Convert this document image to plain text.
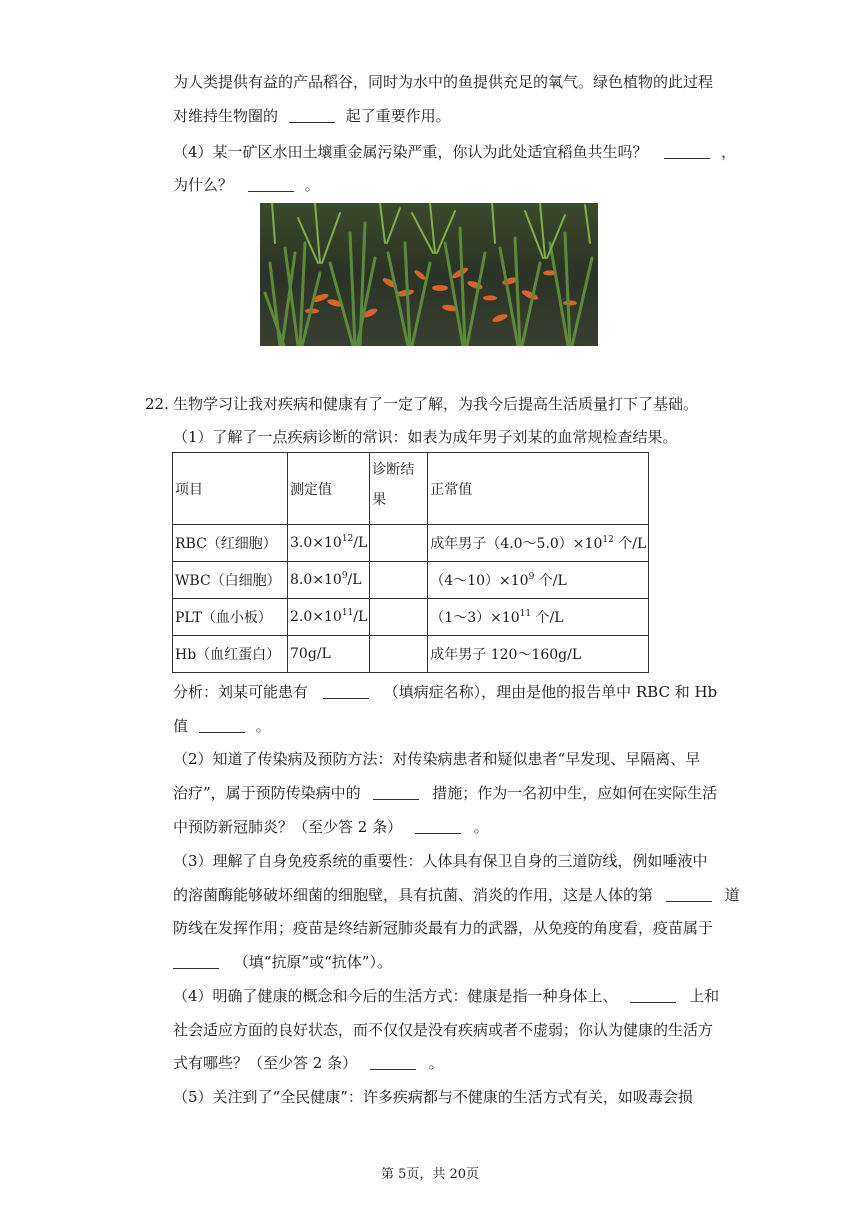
为人类提供有益的产品稻谷，同时为水中的鱼提供充足的氧气。绿色植物的此过程
对维持生物圈的	起了重要作用。
（4）某一矿区水田土壤重金属污染严重，你认为此处适宜稻鱼共生吗？	，
为什么？	。
22. 生物学习让我对疾病和健康有了一定了解，为我今后提高生活质量打下了基础。
（1）了解了一点疾病诊断的常识：如表为成年男子刘某的血常规检查结果。
项目	测定值	诊断结果	正常值
RBC（红细胞）	$3.0\times 10^{12}/L$		成年男子$(4.0\sim 5.0)\times 10^{12}$ 个/L
WBC（白细胞）	$8.0\times 10^9/L$		$(4\sim 10)\times 10^9$ 个/L
PLT（血小板）	$2.0\times 10^{11}/L$		$(1\sim 3)\times 10^{11}$ 个/L
Hb（血红蛋白）	70g/L		成年男子 120～160g/L
分析：刘某可能患有	（填病症名称），理由是他的报告单中 RBC 和 Hb
值	。
（2）知道了传染病及预防方法：对传染病患者和疑似患者“早发现、早隔离、早
治疗”，属于预防传染病中的	措施；作为一名初中生，应如何在实际生活
中预防新冠肺炎？（至少答 2 条）	。
（3）理解了自身免疫系统的重要性：人体具有保卫自身的三道防线，例如唾液中
的溶菌酶能够破坏细菌的细胞壁，具有抗菌、消炎的作用，这是人体的第	道
防线在发挥作用；疫苗是终结新冠肺炎最有力的武器，从免疫的角度看，疫苗属于
（填“抗原”或“抗体”）。
（4）明确了健康的概念和今后的生活方式：健康是指一种身体上、	上和
社会适应方面的良好状态，而不仅仅是没有疾病或者不虚弱；你认为健康的生活方
式有哪些？（至少答 2 条）	。
（5）关注到了“全民健康”：许多疾病都与不健康的生活方式有关，如吸毒会损
第 5页，共 20页
